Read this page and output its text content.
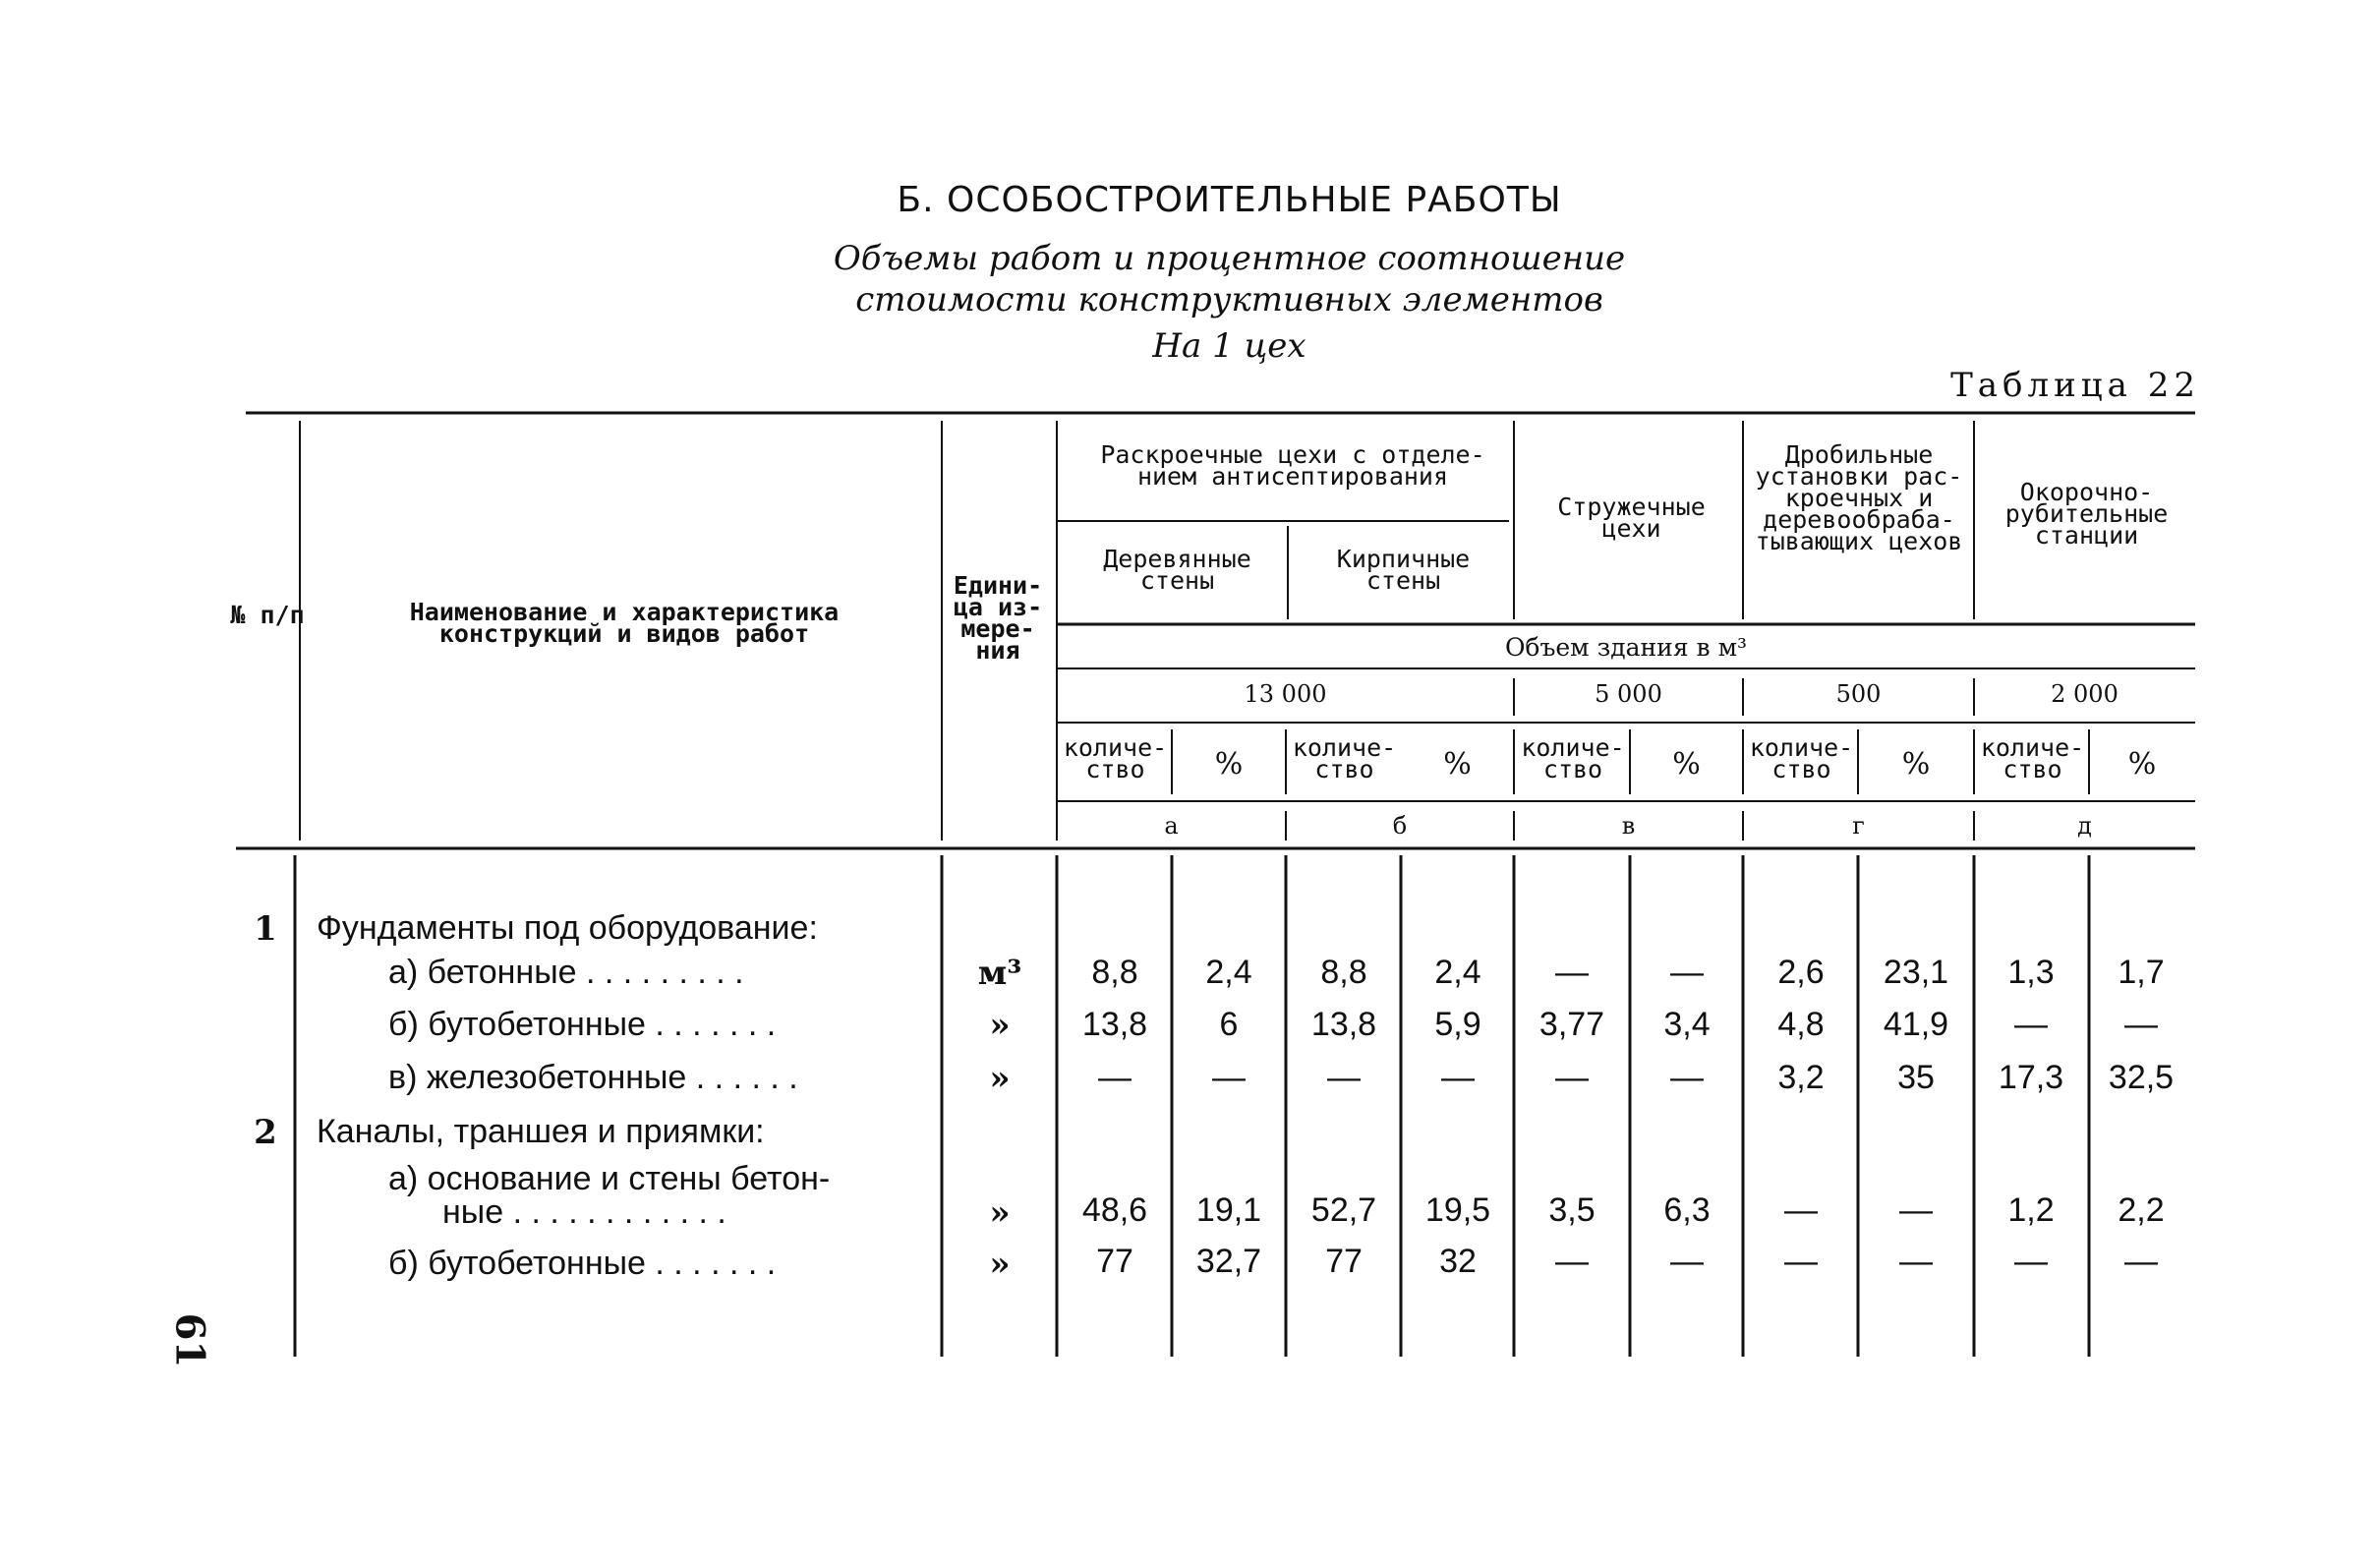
Б. ОСОБОСТРОИТЕЛЬНЫЕ РАБОТЫ
Объемы работ и процентное соотношение
стоимости конструктивных элементов
На 1 цех
Таблица 22
61
№ п/п	Наименование и характеристика конструкций и видов работ
Едини-ца из-мере-ния
Раскроечные цехи с отделе-нием антисептирования
Деревянные стены
Кирпичные стены
Стружечные цехи
Дробильные установки рас-кроечных и деревообраба-тывающих цехов
Окорочно-рубительные станции
Объем здания в м³
13 000	5 000	500	2 000
количе-ство	%	количе-ство	%	количе-ство	%	количе-ство	%	количе-ство	%
а	б	в	г	д
1 Фундаменты под оборудование:
а) бетонные . . . . . . . . .	м³	8,8	2,4	8,8	2,4	—	—	2,6	23,1	1,3	1,7
б) бутобетонные . . . . . . .	»	13,8	6	13,8	5,9	3,77	3,4	4,8	41,9	—	—
в) железобетонные . . . . . .	»	—	—	—	—	—	—	3,2	35	17,3	32,5
2 Каналы, траншея и приямки:
а) основание и стены бетон-
ные . . . . . . . . . . . .	»	48,6	19,1	52,7	19,5	3,5	6,3	—	—	1,2	2,2
б) бутобетонные . . . . . . .	»	77	32,7	77	32	—	—	—	—	—	—
